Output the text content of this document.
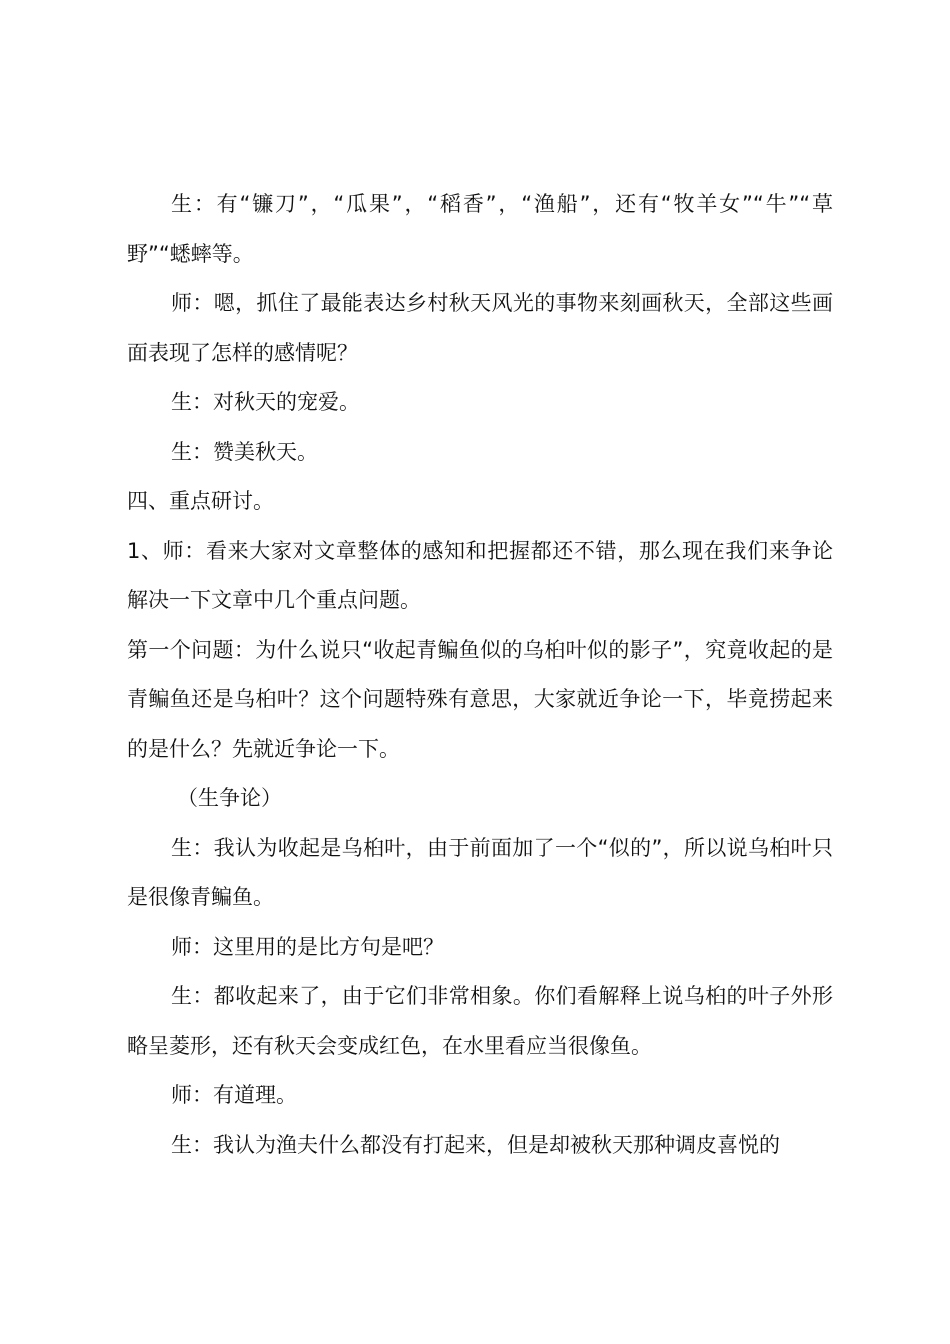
生：有“镰刀”，“瓜果”，“稻香”，“渔船”，还有“牧羊女”“牛”“草野”“蟋蟀等。

师：嗯，抓住了最能表达乡村秋天风光的事物来刻画秋天，全部这些画面表现了怎样的感情呢？

生：对秋天的宠爱。

生：赞美秋天。

四、重点研讨。

1、师：看来大家对文章整体的感知和把握都还不错，那么现在我们来争论解决一下文章中几个重点问题。

第一个问题：为什么说只“收起青鳊鱼似的乌桕叶似的影子”，究竟收起的是青鳊鱼还是乌桕叶？这个问题特殊有意思，大家就近争论一下，毕竟捞起来的是什么？先就近争论一下。

（生争论）

生：我认为收起是乌桕叶，由于前面加了一个“似的”，所以说乌桕叶只是很像青鳊鱼。

师：这里用的是比方句是吧？

生：都收起来了，由于它们非常相象。你们看解释上说乌桕的叶子外形略呈菱形，还有秋天会变成红色，在水里看应当很像鱼。

师：有道理。

生：我认为渔夫什么都没有打起来，但是却被秋天那种调皮喜悦的
